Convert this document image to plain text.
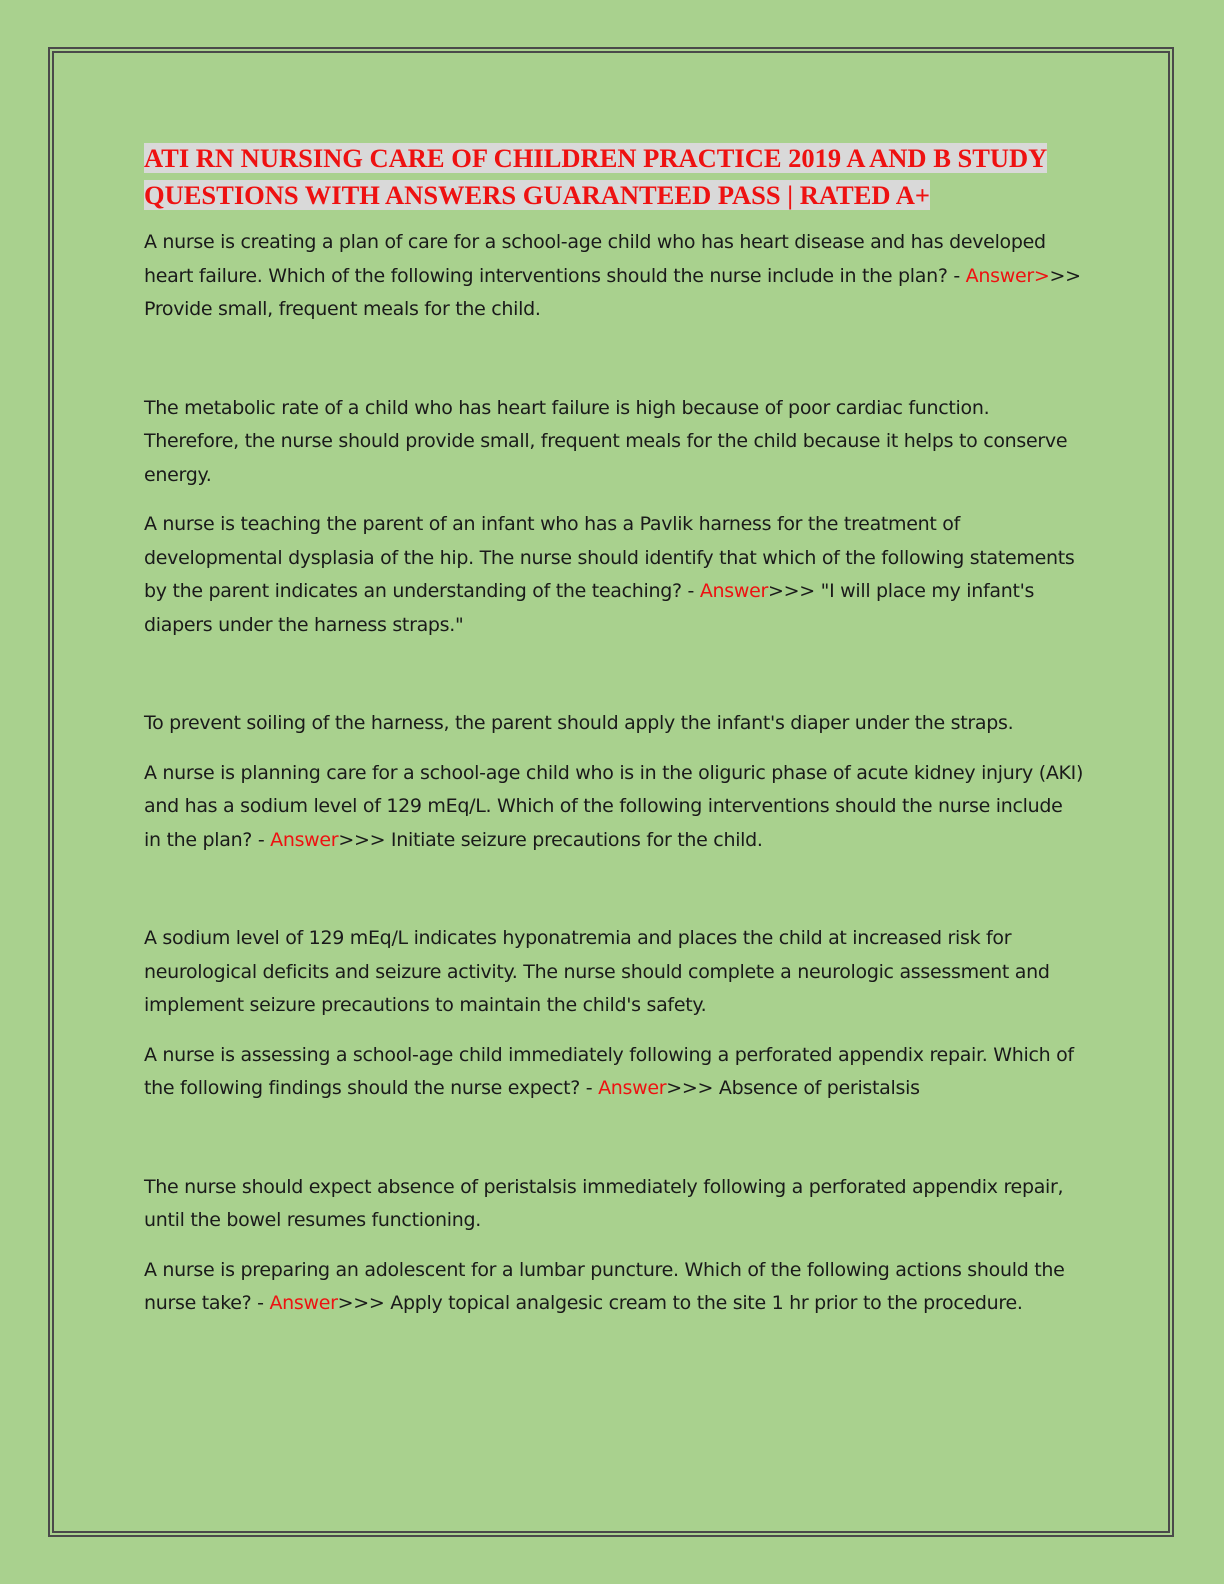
ATI RN NURSING CARE OF CHILDREN PRACTICE 2019 A AND B STUDY QUESTIONS WITH ANSWERS GUARANTEED PASS | RATED A+

A nurse is creating a plan of care for a school-age child who has heart disease and has developed heart failure. Which of the following interventions should the nurse include in the plan? - Answer>>> Provide small, frequent meals for the child.

The metabolic rate of a child who has heart failure is high because of poor cardiac function. Therefore, the nurse should provide small, frequent meals for the child because it helps to conserve energy.

A nurse is teaching the parent of an infant who has a Pavlik harness for the treatment of developmental dysplasia of the hip. The nurse should identify that which of the following statements by the parent indicates an understanding of the teaching? - Answer>>> "I will place my infant's diapers under the harness straps."

To prevent soiling of the harness, the parent should apply the infant's diaper under the straps.

A nurse is planning care for a school-age child who is in the oliguric phase of acute kidney injury (AKI) and has a sodium level of 129 mEq/L. Which of the following interventions should the nurse include in the plan? - Answer>>> Initiate seizure precautions for the child.

A sodium level of 129 mEq/L indicates hyponatremia and places the child at increased risk for neurological deficits and seizure activity. The nurse should complete a neurologic assessment and implement seizure precautions to maintain the child's safety.

A nurse is assessing a school-age child immediately following a perforated appendix repair. Which of the following findings should the nurse expect? - Answer>>> Absence of peristalsis

The nurse should expect absence of peristalsis immediately following a perforated appendix repair, until the bowel resumes functioning.

A nurse is preparing an adolescent for a lumbar puncture. Which of the following actions should the nurse take? - Answer>>> Apply topical analgesic cream to the site 1 hr prior to the procedure.
